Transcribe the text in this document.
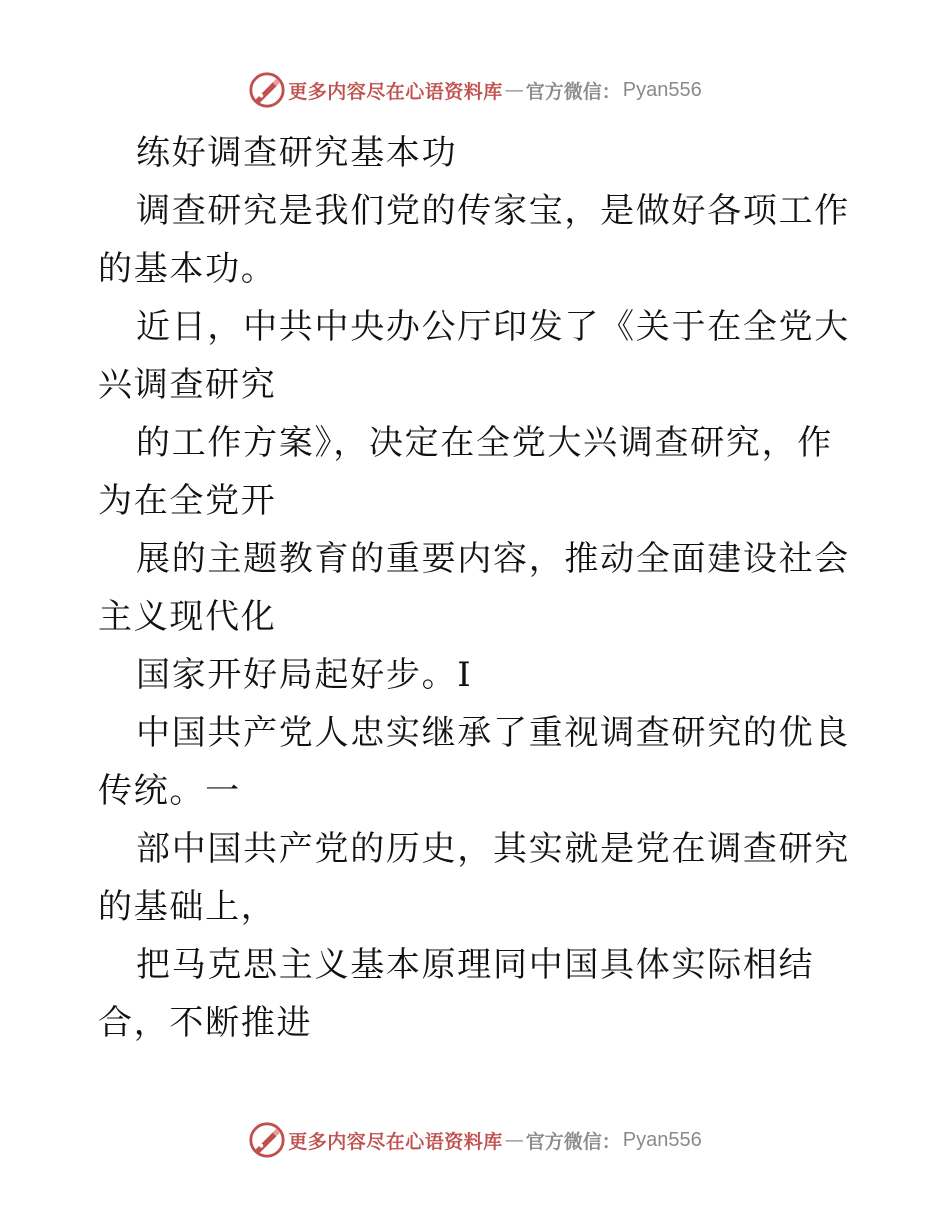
更多内容尽在心语资料库 — 官方微信： Pyan556

练好调查研究基本功

调查研究是我们党的传家宝，是做好各项工作的基本功。

近日，中共中央办公厅印发了《关于在全党大兴调查研究

的工作方案》，决定在全党大兴调查研究，作为在全党开

展的主题教育的重要内容，推动全面建设社会主义现代化

国家开好局起好步。I

中国共产党人忠实继承了重视调查研究的优良传统。一

部中国共产党的历史，其实就是党在调查研究的基础上，

把马克思主义基本原理同中国具体实际相结合，不断推进

更多内容尽在心语资料库 — 官方微信： Pyan556
